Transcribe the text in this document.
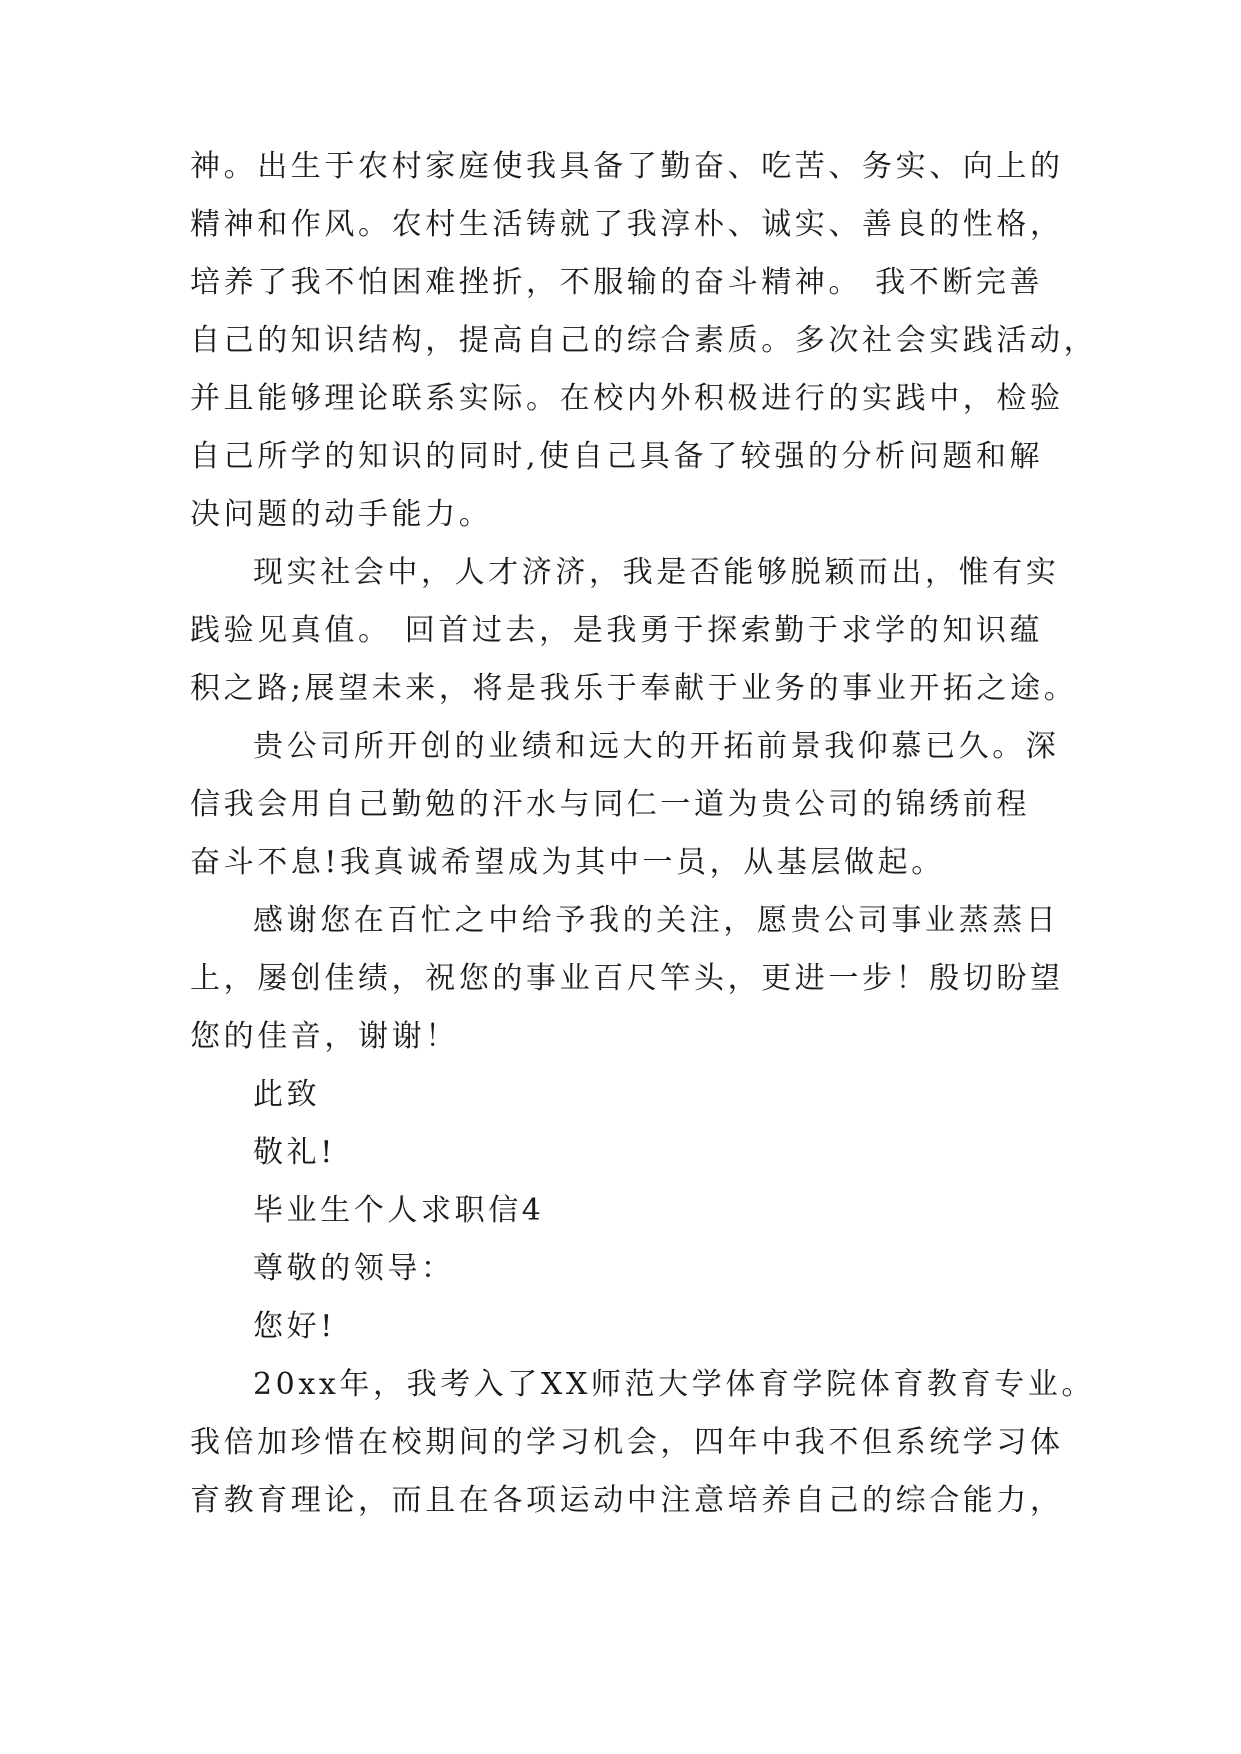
神。出生于农村家庭使我具备了勤奋、吃苦、务实、向上的
精神和作风。农村生活铸就了我淳朴、诚实、善良的性格，
培养了我不怕困难挫折，不服输的奋斗精神。 我不断完善
自己的知识结构，提高自己的综合素质。多次社会实践活动，
并且能够理论联系实际。在校内外积极进行的实践中，检验
自己所学的知识的同时,使自己具备了较强的分析问题和解
决问题的动手能力。
现实社会中，人才济济，我是否能够脱颖而出，惟有实
践验见真值。 回首过去，是我勇于探索勤于求学的知识蕴
积之路;展望未来，将是我乐于奉献于业务的事业开拓之途。
贵公司所开创的业绩和远大的开拓前景我仰慕已久。深
信我会用自己勤勉的汗水与同仁一道为贵公司的锦绣前程
奋斗不息!我真诚希望成为其中一员，从基层做起。
感谢您在百忙之中给予我的关注，愿贵公司事业蒸蒸日
上，屡创佳绩，祝您的事业百尺竿头，更进一步！殷切盼望
您的佳音，谢谢！
此致
敬礼!
毕业生个人求职信4
尊敬的领导：
您好!
20xx年，我考入了XX师范大学体育学院体育教育专业。
我倍加珍惜在校期间的学习机会，四年中我不但系统学习体
育教育理论，而且在各项运动中注意培养自己的综合能力，
